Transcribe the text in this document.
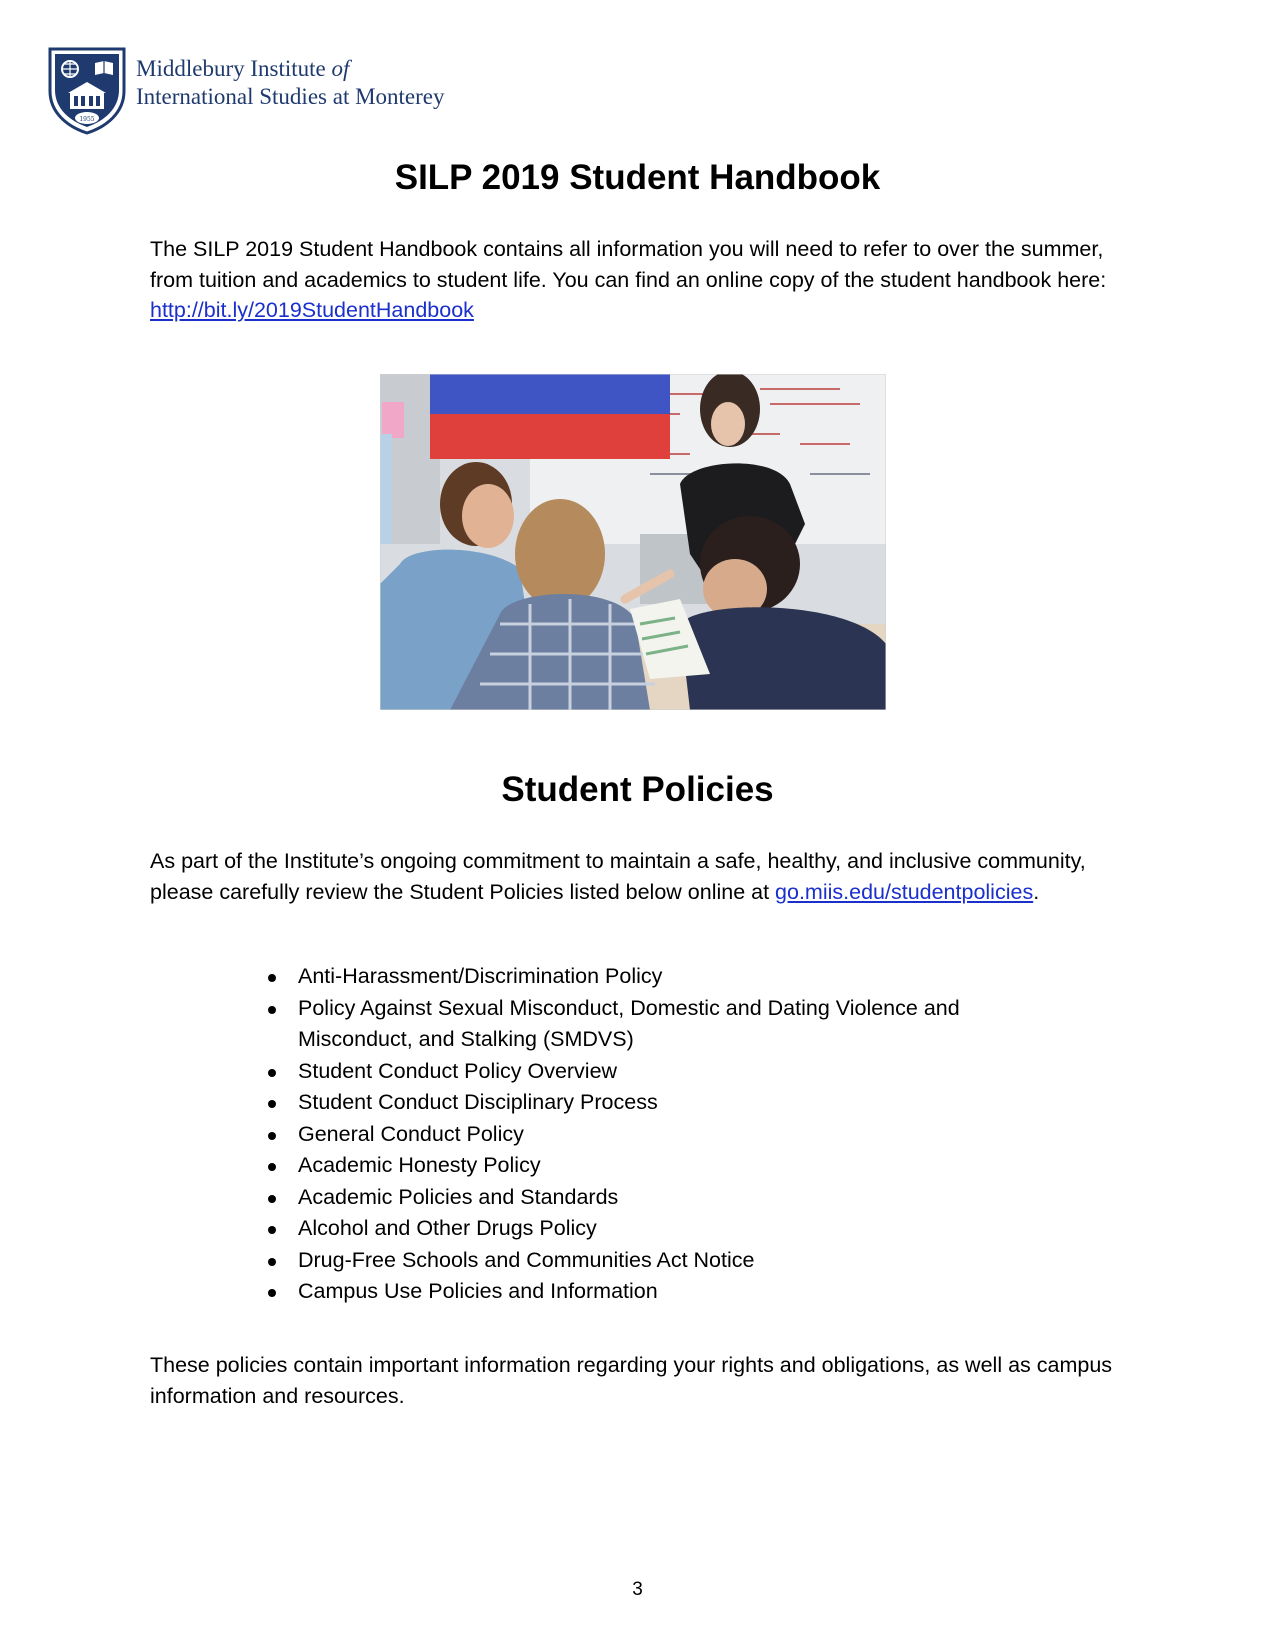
1955
Middlebury Institute of
International Studies at Monterey
SILP 2019 Student Handbook

The SILP 2019 Student Handbook contains all information you will need to refer to over the summer, from tuition and academics to student life. You can find an online copy of the student handbook here: http://bit.ly/2019StudentHandbook

Student Policies

As part of the Institute’s ongoing commitment to maintain a safe, healthy, and inclusive community, please carefully review the Student Policies listed below online at go.miis.edu/studentpolicies.

Anti-Harassment/Discrimination Policy
Policy Against Sexual Misconduct, Domestic and Dating Violence and Misconduct, and Stalking (SMDVS)
Student Conduct Policy Overview
Student Conduct Disciplinary Process
General Conduct Policy
Academic Honesty Policy
Academic Policies and Standards
Alcohol and Other Drugs Policy
Drug-Free Schools and Communities Act Notice
Campus Use Policies and Information

These policies contain important information regarding your rights and obligations, as well as campus information and resources.

3
